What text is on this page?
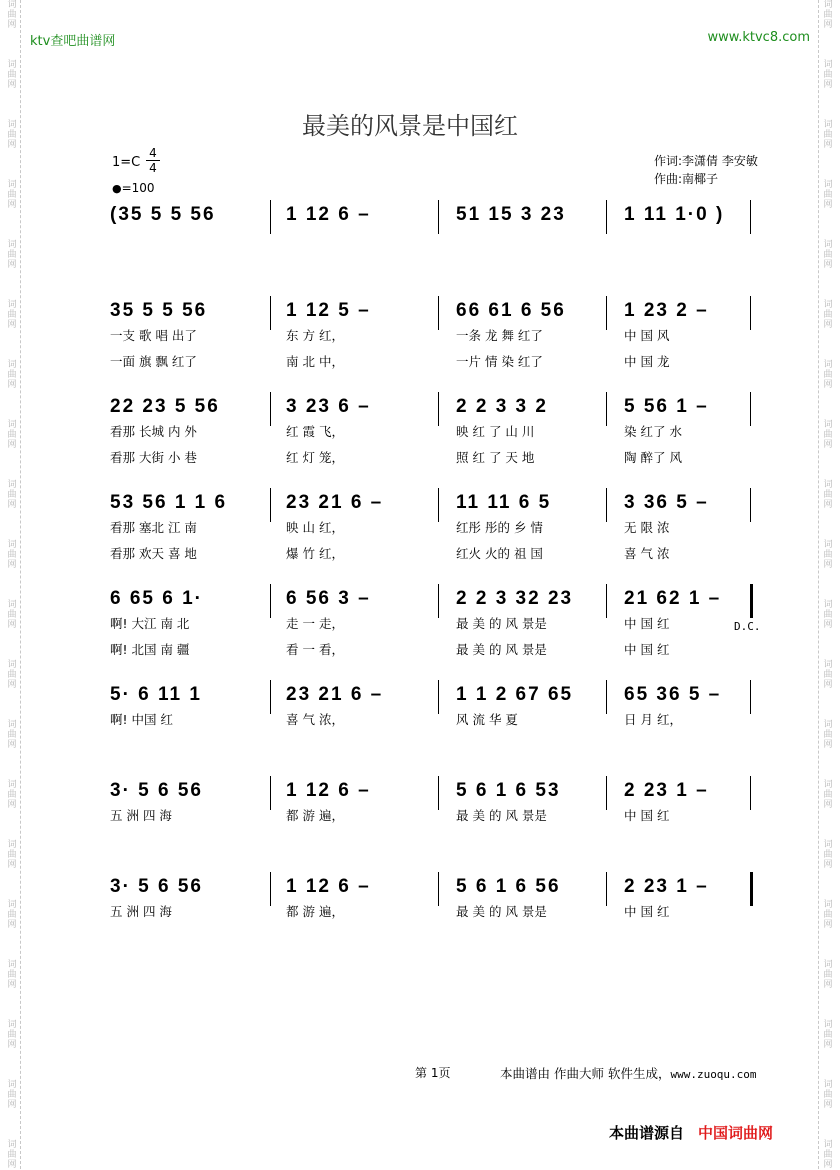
词曲网
词曲网
词曲网
词曲网
词曲网
词曲网
词曲网
词曲网
词曲网
词曲网
词曲网
词曲网
词曲网
词曲网
词曲网
词曲网
词曲网
词曲网
词曲网
词曲网
词曲网
词曲网
词曲网
词曲网
词曲网
词曲网
词曲网
词曲网
词曲网
词曲网
词曲网
词曲网
词曲网
词曲网
词曲网
词曲网
词曲网
词曲网
词曲网
词曲网
ktv查吧曲谱网	www.ktvc8.com
最美的风景是中国红
1=C
4
4
●=100
作词:李潇倩 李安敏
作曲:南椰子
(35 5 5 56	1 12 6 –	51 15 3 23	1 11 1·0 )
35 5 5 56
一支 歌 唱 出了
一面 旗 飘 红了
1 12 5 –
东 方 红，
南 北 中，
66 61 6 56
一条 龙 舞 红了
一片 情 染 红了
1 23 2 –
中 国 风
中 国 龙
22 23 5 56
看那 长城 内 外
看那 大街 小 巷
3 23 6 –
红 霞 飞，
红 灯 笼，
2 2 3 3 2
映 红 了 山 川
照 红 了 天 地
5 56 1 –
染 红了 水
陶 醉了 风
53 56 1 1 6
看那 塞北 江 南
看那 欢天 喜 地
23 21 6 –
映 山 红，
爆 竹 红，
11 11 6 5
红彤 彤的 乡 情
红火 火的 祖 国
3 36 5 –
无 限 浓
喜 气 浓
6 65 6 1·
啊! 大江 南 北
啊! 北国 南 疆
6 56 3 –
走 一 走，
看 一 看，
2 2 3 32 23
最 美 的 风 景是
最 美 的 风 景是
21 62 1 –
中 国 红
中 国 红
D.C.
5· 6 11 1
啊! 中国 红
23 21 6 –
喜 气 浓，
1 1 2 67 65
风 流 华 夏
65 36 5 –
日 月 红，
3· 5 6 56
五 洲 四 海
1 12 6 –
都 游 遍，
5 6 1 6 53
最 美 的 风 景是
2 23 1 –
中 国 红
3· 5 6 56
五 洲 四 海
1 12 6 –
都 游 遍，
5 6 1 6 56
最 美 的 风 景是
2 23 1 –
中 国 红
第 1页	本曲谱由 作曲大师 软件生成，www.zuoqu.com
本曲谱源自 中国词曲网
